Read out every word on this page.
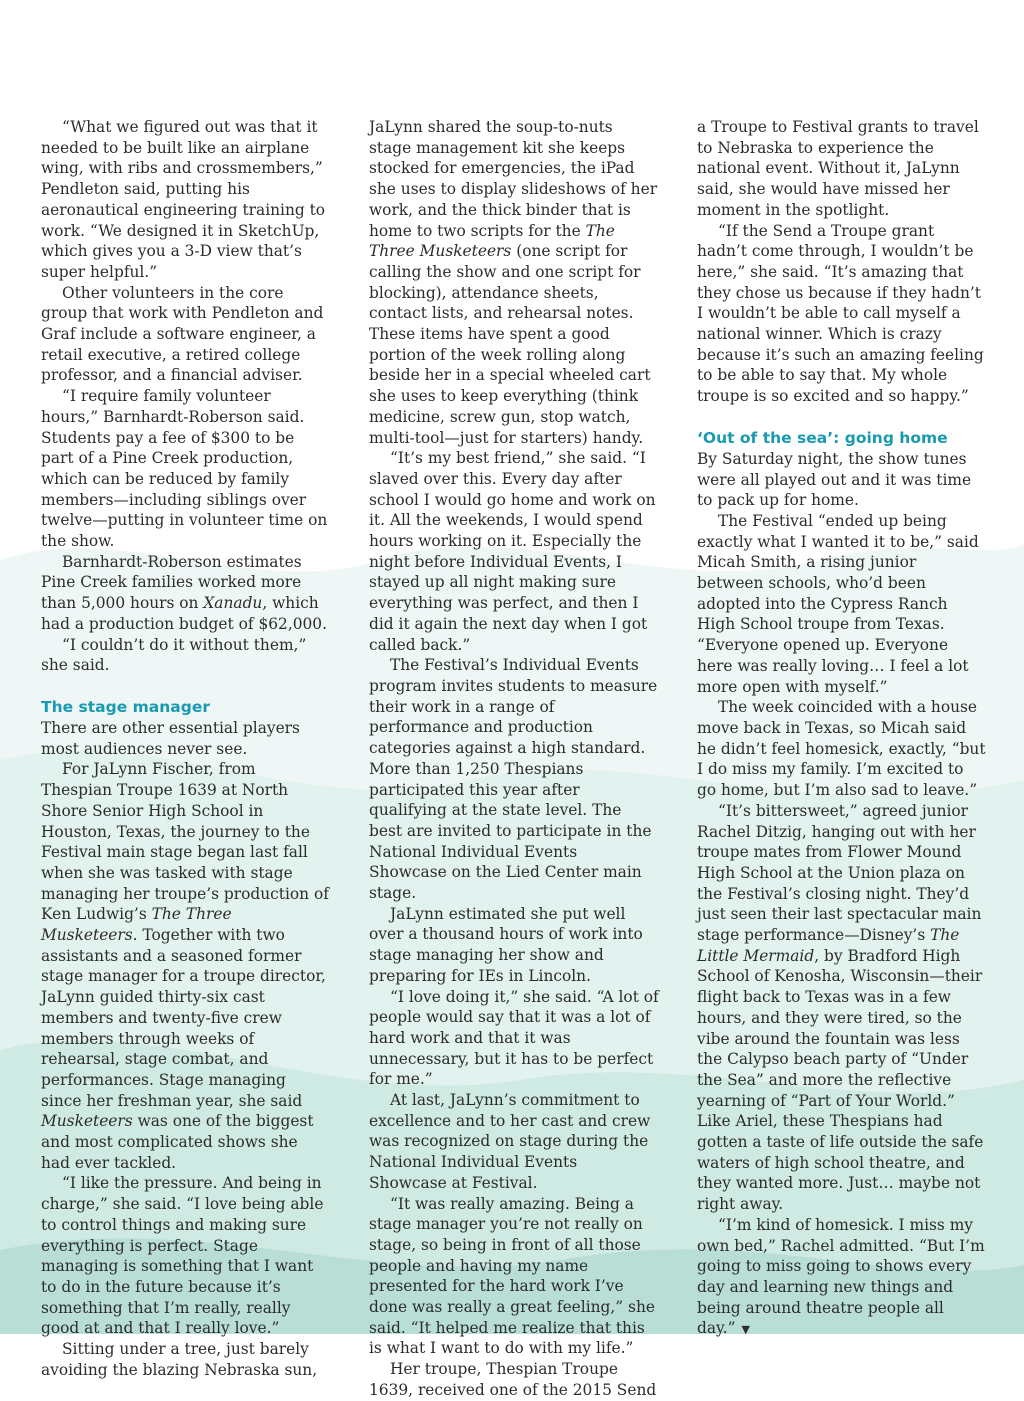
“What we figured out was that it needed to be built like an airplane wing, with ribs and crossmembers,” Pendleton said, putting his aeronautical engineering training to work. “We designed it in SketchUp, which gives you a 3-D view that’s super helpful.”

Other volunteers in the core group that work with Pendleton and Graf include a software engineer, a retail executive, a retired college professor, and a financial adviser.

“I require family volunteer hours,” Barnhardt-Roberson said. Students pay a fee of $300 to be part of a Pine Creek production, which can be reduced by family members—including siblings over twelve—putting in volunteer time on the show.

Barnhardt-Roberson estimates Pine Creek families worked more than 5,000 hours on Xanadu, which had a production budget of $62,000.

“I couldn’t do it without them,” she said.

The stage manager

There are other essential players most audiences never see.

For JaLynn Fischer, from Thespian Troupe 1639 at North Shore Senior High School in Houston, Texas, the journey to the Festival main stage began last fall when she was tasked with stage managing her troupe’s production of Ken Ludwig’s The Three Musketeers. Together with two assistants and a seasoned former stage manager for a troupe director, JaLynn guided thirty-six cast members and twenty-five crew members through weeks of rehearsal, stage combat, and performances. Stage managing since her freshman year, she said Musketeers was one of the biggest and most complicated shows she had ever tackled.

“I like the pressure. And being in charge,” she said. “I love being able to control things and making sure everything is perfect. Stage managing is something that I want to do in the future because it’s something that I’m really, really good at and that I really love.”

Sitting under a tree, just barely avoiding the blazing Nebraska sun,

JaLynn shared the soup-to-nuts stage management kit she keeps stocked for emergencies, the iPad she uses to display slideshows of her work, and the thick binder that is home to two scripts for the The Three Musketeers (one script for calling the show and one script for blocking), attendance sheets, contact lists, and rehearsal notes. These items have spent a good portion of the week rolling along beside her in a special wheeled cart she uses to keep everything (think medicine, screw gun, stop watch, multi-tool—just for starters) handy.

“It’s my best friend,” she said. “I slaved over this. Every day after school I would go home and work on it. All the weekends, I would spend hours working on it. Especially the night before Individual Events, I stayed up all night making sure everything was perfect, and then I did it again the next day when I got called back.”

The Festival’s Individual Events program invites students to measure their work in a range of performance and production categories against a high standard. More than 1,250 Thespians participated this year after qualifying at the state level. The best are invited to participate in the National Individual Events Showcase on the Lied Center main stage.

JaLynn estimated she put well over a thousand hours of work into stage managing her show and preparing for IEs in Lincoln.

“I love doing it,” she said. “A lot of people would say that it was a lot of hard work and that it was unnecessary, but it has to be perfect for me.”

At last, JaLynn’s commitment to excellence and to her cast and crew was recognized on stage during the National Individual Events Showcase at Festival.

“It was really amazing. Being a stage manager you’re not really on stage, so being in front of all those people and having my name presented for the hard work I’ve done was really a great feeling,” she said. “It helped me realize that this is what I want to do with my life.”

Her troupe, Thespian Troupe 1639, received one of the 2015 Send

a Troupe to Festival grants to travel to Nebraska to experience the national event. Without it, JaLynn said, she would have missed her moment in the spotlight.

“If the Send a Troupe grant hadn’t come through, I wouldn’t be here,” she said. “It’s amazing that they chose us because if they hadn’t I wouldn’t be able to call myself a national winner. Which is crazy because it’s such an amazing feeling to be able to say that. My whole troupe is so excited and so happy.”

‘Out of the sea’: going home

By Saturday night, the show tunes were all played out and it was time to pack up for home.

The Festival “ended up being exactly what I wanted it to be,” said Micah Smith, a rising junior between schools, who’d been adopted into the Cypress Ranch High School troupe from Texas. “Everyone opened up. Everyone here was really loving… I feel a lot more open with myself.”

The week coincided with a house move back in Texas, so Micah said he didn’t feel homesick, exactly, “but I do miss my family. I’m excited to go home, but I’m also sad to leave.”

“It’s bittersweet,” agreed junior Rachel Ditzig, hanging out with her troupe mates from Flower Mound High School at the Union plaza on the Festival’s closing night. They’d just seen their last spectacular main stage performance—Disney’s The Little Mermaid, by Bradford High School of Kenosha, Wisconsin—their flight back to Texas was in a few hours, and they were tired, so the vibe around the fountain was less the Calypso beach party of “Under the Sea” and more the reflective yearning of “Part of Your World.” Like Ariel, these Thespians had gotten a taste of life outside the safe waters of high school theatre, and they wanted more. Just… maybe not right away.

“I’m kind of homesick. I miss my own bed,” Rachel admitted. “But I’m going to miss going to shows every day and learning new things and being around theatre people all day.” ▼
